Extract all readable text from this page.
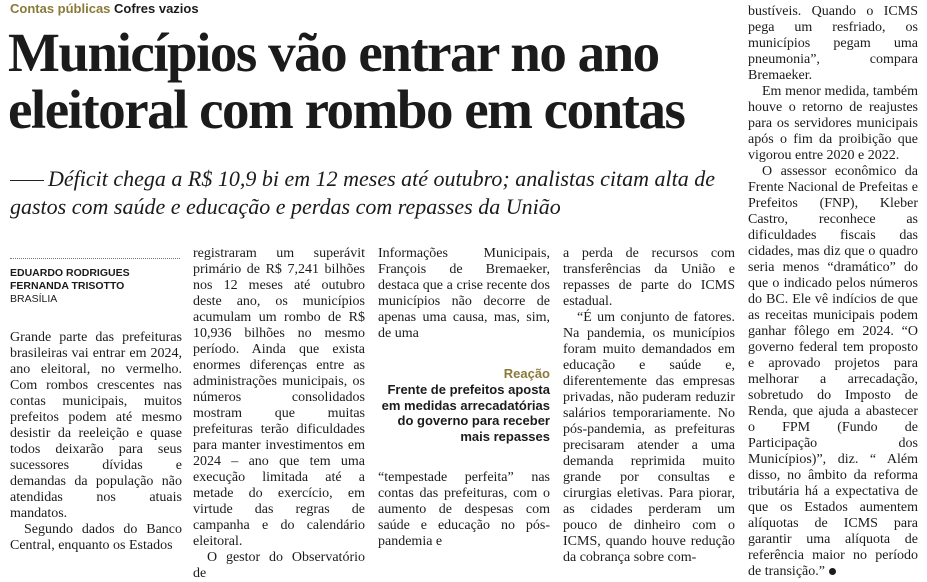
Contas públicas Cofres vazios
Municípios vão entrar no ano eleitoral com rombo em contas
Déficit chega a R$ 10,9 bi em 12 meses até outubro; analistas citam alta de gastos com saúde e educação e perdas com repasses da União
EDUARDO RODRIGUES
FERNANDA TRISOTTO
BRASÍLIA

Grande parte das prefeituras brasileiras vai entrar em 2024, ano eleitoral, no vermelho. Com rombos crescentes nas contas municipais, muitos prefeitos podem até mesmo desistir da reeleição e quase todos deixarão para seus sucessores dívidas e demandas da população não atendidas nos atuais mandatos.

Segundo dados do Banco Central, enquanto os Estados

registraram um superávit primário de R$ 7,241 bilhões nos 12 meses até outubro deste ano, os municípios acumulam um rombo de R$ 10,936 bilhões no mesmo período. Ainda que exista enormes diferenças entre as administrações municipais, os números consolidados mostram que muitas prefeituras terão dificuldades para manter investimentos em 2024 – ano que tem uma execução limitada até a metade do exercício, em virtude das regras de campanha e do calendário eleitoral.

O gestor do Observatório de

Informações Municipais, François de Bremaeker, destaca que a crise recente dos municípios não decorre de apenas uma causa, mas, sim, de uma

Reação
Frente de prefeitos aposta em medidas arrecadatórias do governo para receber mais repasses

“tempestade perfeita” nas contas das prefeituras, com o aumento de despesas com saúde e educação no pós-pandemia e

a perda de recursos com transferências da União e repasses de parte do ICMS estadual.

“É um conjunto de fatores. Na pandemia, os municípios foram muito demandados em educação e saúde e, diferentemente das empresas privadas, não puderam reduzir salários temporariamente. No pós-pandemia, as prefeituras precisaram atender a uma demanda reprimida muito grande por consultas e cirurgias eletivas. Para piorar, as cidades perderam um pouco de dinheiro com o ICMS, quando houve redução da cobrança sobre com-

bustíveis. Quando o ICMS pega um resfriado, os municípios pegam uma pneumonia”, compara Bremaeker.

Em menor medida, também houve o retorno de reajustes para os servidores municipais após o fim da proibição que vigorou entre 2020 e 2022.

O assessor econômico da Frente Nacional de Prefeitas e Prefeitos (FNP), Kleber Castro, reconhece as dificuldades fiscais das cidades, mas diz que o quadro seria menos “dramático” do que o indicado pelos números do BC. Ele vê indícios de que as receitas municipais podem ganhar fôlego em 2024. “O governo federal tem proposto e aprovado projetos para melhorar a arrecadação, sobretudo do Imposto de Renda, que ajuda a abastecer o FPM (Fundo de Participação dos Municípios)”, diz. “ Além disso, no âmbito da reforma tributária há a expectativa de que os Estados aumentem alíquotas de ICMS para garantir uma alíquota de referência maior no período de transição.”
